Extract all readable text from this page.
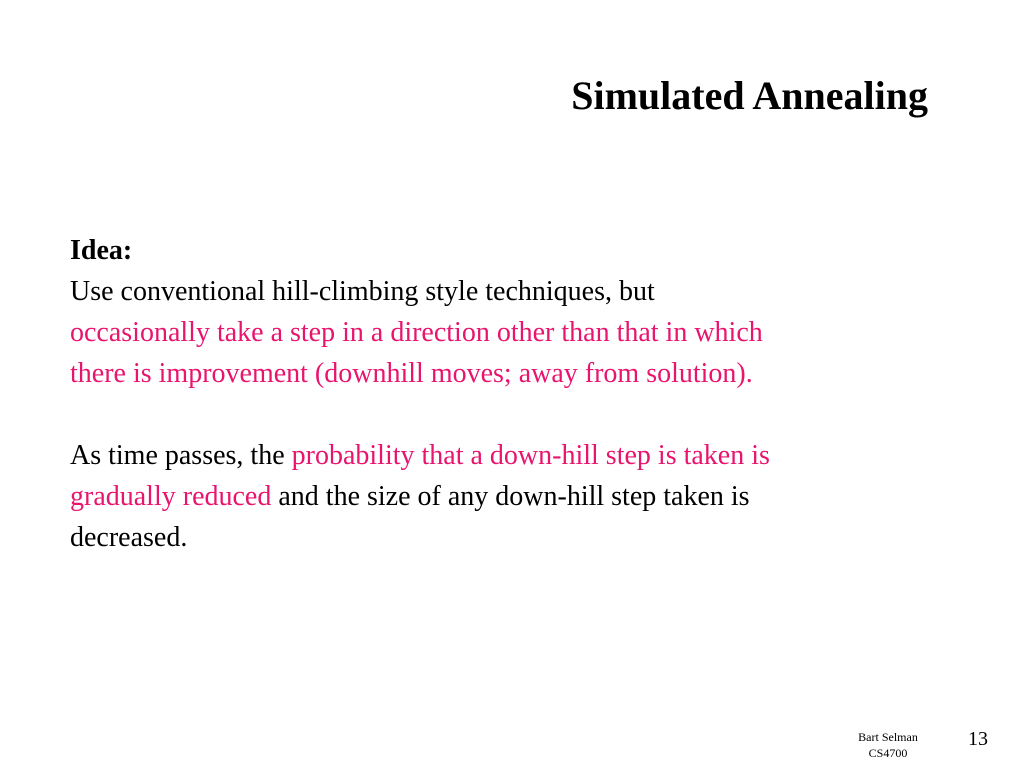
Simulated Annealing
Idea:
Use conventional hill-climbing style techniques, but
occasionally take a step in a direction other than that in which
there is improvement (downhill moves; away from solution).
As time passes, the probability that a down-hill step is taken is
gradually reduced and the size of any down-hill step taken is
decreased.
Bart Selman
CS4700
13
